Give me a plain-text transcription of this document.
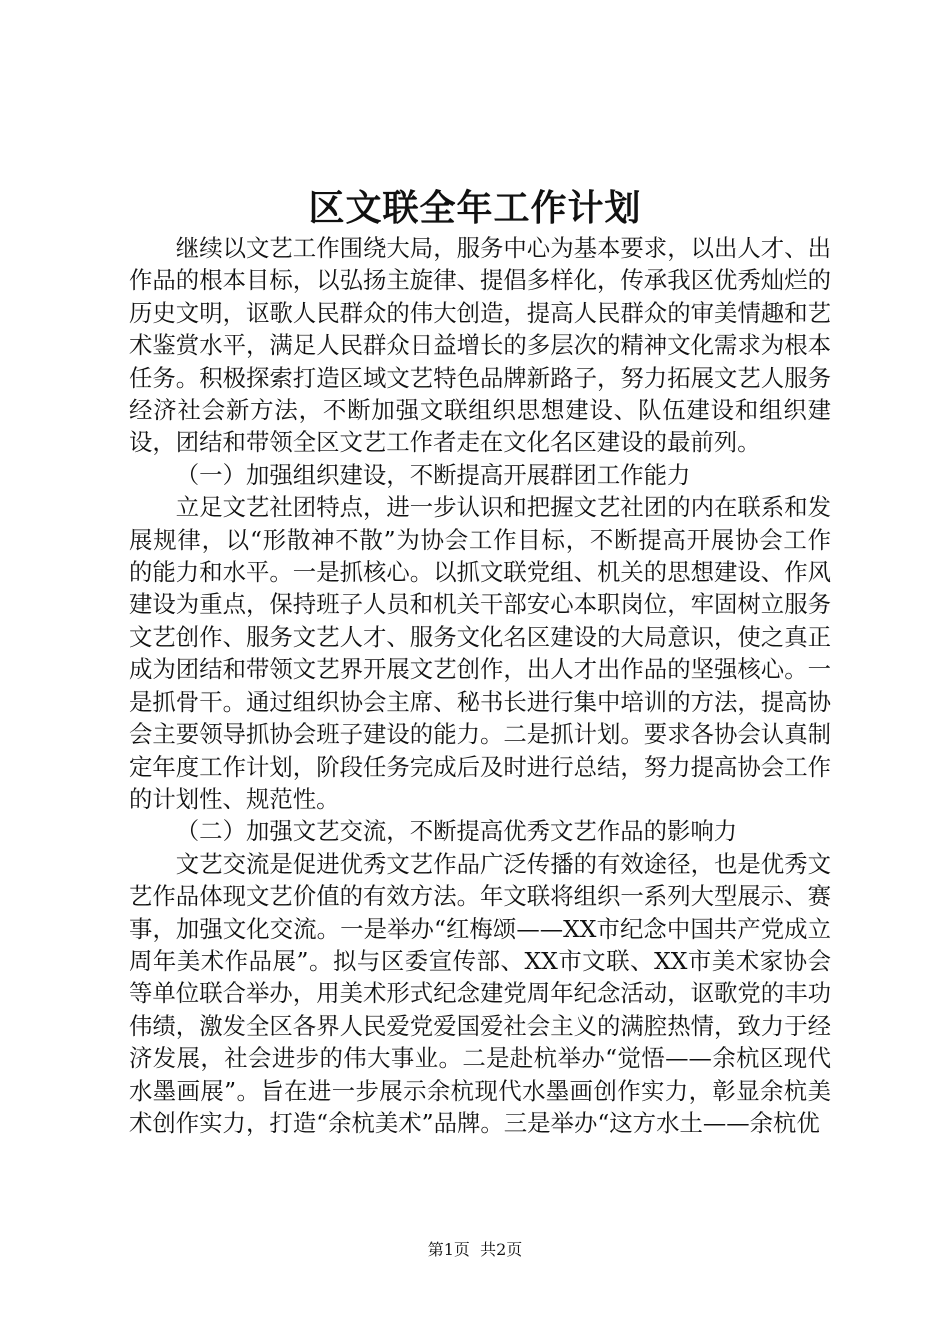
区文联全年工作计划

继续以文艺工作围绕大局，服务中心为基本要求，以出人才、出作品的根本目标，以弘扬主旋律、提倡多样化，传承我区优秀灿烂的历史文明，讴歌人民群众的伟大创造，提高人民群众的审美情趣和艺术鉴赏水平，满足人民群众日益增长的多层次的精神文化需求为根本任务。积极探索打造区域文艺特色品牌新路子，努力拓展文艺人服务经济社会新方法，不断加强文联组织思想建设、队伍建设和组织建设，团结和带领全区文艺工作者走在文化名区建设的最前列。

（一）加强组织建设，不断提高开展群团工作能力

立足文艺社团特点，进一步认识和把握文艺社团的内在联系和发展规律，以“形散神不散”为协会工作目标，不断提高开展协会工作的能力和水平。一是抓核心。以抓文联党组、机关的思想建设、作风建设为重点，保持班子人员和机关干部安心本职岗位，牢固树立服务文艺创作、服务文艺人才、服务文化名区建设的大局意识，使之真正成为团结和带领文艺界开展文艺创作，出人才出作品的坚强核心。一是抓骨干。通过组织协会主席、秘书长进行集中培训的方法，提高协会主要领导抓协会班子建设的能力。二是抓计划。要求各协会认真制定年度工作计划，阶段任务完成后及时进行总结，努力提高协会工作的计划性、规范性。

（二）加强文艺交流，不断提高优秀文艺作品的影响力

文艺交流是促进优秀文艺作品广泛传播的有效途径，也是优秀文艺作品体现文艺价值的有效方法。年文联将组织一系列大型展示、赛事，加强文化交流。一是举办“红梅颂——XX市纪念中国共产党成立周年美术作品展”。拟与区委宣传部、XX市文联、XX市美术家协会等单位联合举办，用美术形式纪念建党周年纪念活动，讴歌党的丰功伟绩，激发全区各界人民爱党爱国爱社会主义的满腔热情，致力于经济发展，社会进步的伟大事业。二是赴杭举办“觉悟——余杭区现代水墨画展”。旨在进一步展示余杭现代水墨画创作实力，彰显余杭美术创作实力，打造“余杭美术”品牌。三是举办“这方水土——余杭优

第1页 共2页
